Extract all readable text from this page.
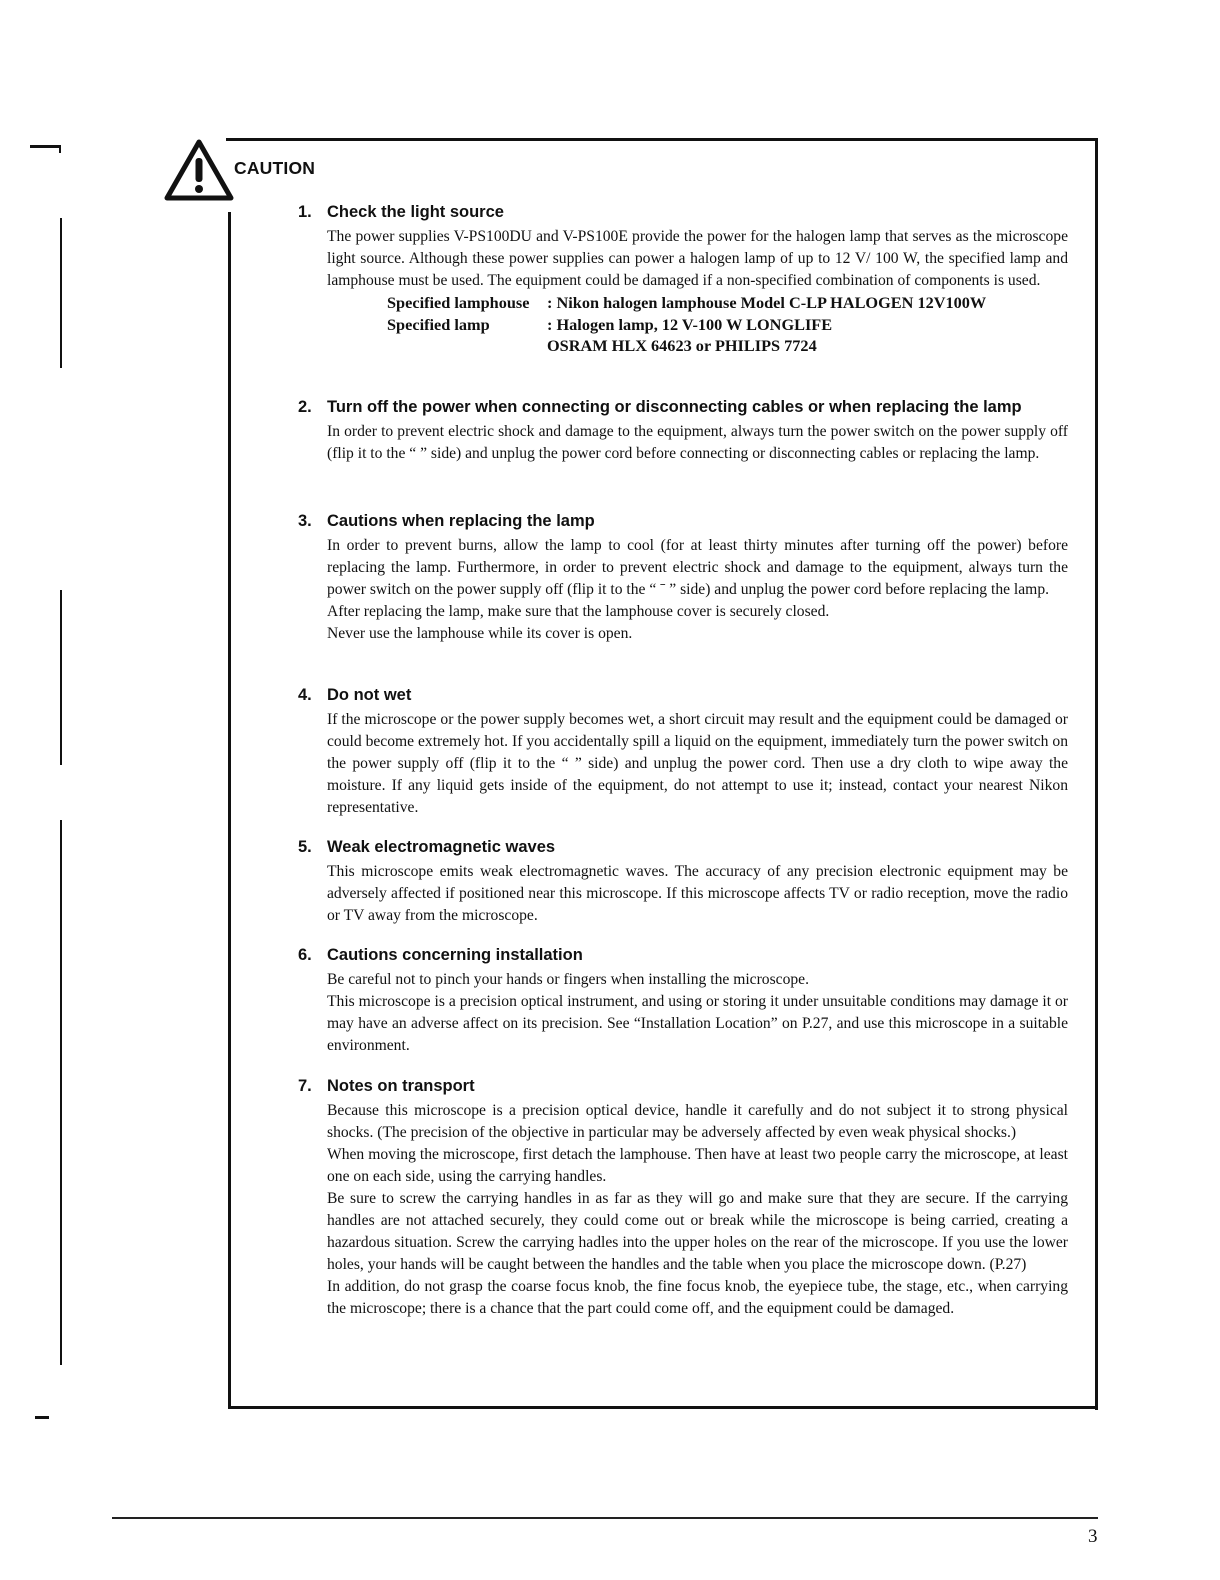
CAUTION
1. Check the light source

The power supplies V-PS100DU and V-PS100E provide the power for the halogen lamp that serves as the microscope light source. Although these power supplies can power a halogen lamp of up to 12 V/ 100 W, the specified lamp and lamphouse must be used. The equipment could be damaged if a non-specified combination of components is used.

Specified lamphouse	: Nikon halogen lamphouse Model C-LP HALOGEN 12V100W
Specified lamp	: Halogen lamp, 12 V-100 W LONGLIFE
OSRAM HLX 64623 or PHILIPS 7724
2. Turn off the power when connecting or disconnecting cables or when replacing the lamp

In order to prevent electric shock and damage to the equipment, always turn the power switch on the power supply off (flip it to the “ ” side) and unplug the power cord before connecting or disconnecting cables or replacing the lamp.

3. Cautions when replacing the lamp

In order to prevent burns, allow the lamp to cool (for at least thirty minutes after turning off the power) before replacing the lamp. Furthermore, in order to prevent electric shock and damage to the equipment, always turn the power switch on the power supply off (flip it to the “ ˉ ” side) and unplug the power cord before replacing the lamp.

After replacing the lamp, make sure that the lamphouse cover is securely closed.

Never use the lamphouse while its cover is open.

4. Do not wet

If the microscope or the power supply becomes wet, a short circuit may result and the equipment could be damaged or could become extremely hot. If you accidentally spill a liquid on the equipment, immediately turn the power switch on the power supply off (flip it to the “ ” side) and unplug the power cord. Then use a dry cloth to wipe away the moisture. If any liquid gets inside of the equipment, do not attempt to use it; instead, contact your nearest Nikon representative.

5. Weak electromagnetic waves

This microscope emits weak electromagnetic waves. The accuracy of any precision electronic equipment may be adversely affected if positioned near this microscope. If this microscope affects TV or radio reception, move the radio or TV away from the microscope.

6. Cautions concerning installation

Be careful not to pinch your hands or fingers when installing the microscope.

This microscope is a precision optical instrument, and using or storing it under unsuitable conditions may damage it or may have an adverse affect on its precision. See “Installation Location” on P.27, and use this microscope in a suitable environment.

7. Notes on transport

Because this microscope is a precision optical device, handle it carefully and do not subject it to strong physical shocks. (The precision of the objective in particular may be adversely affected by even weak physical shocks.)

When moving the microscope, first detach the lamphouse. Then have at least two people carry the microscope, at least one on each side, using the carrying handles.

Be sure to screw the carrying handles in as far as they will go and make sure that they are secure. If the carrying handles are not attached securely, they could come out or break while the microscope is being carried, creating a hazardous situation. Screw the carrying hadles into the upper holes on the rear of the microscope. If you use the lower holes, your hands will be caught between the handles and the table when you place the microscope down. (P.27)

In addition, do not grasp the coarse focus knob, the fine focus knob, the eyepiece tube, the stage, etc., when carrying the microscope; there is a chance that the part could come off, and the equipment could be damaged.

3
